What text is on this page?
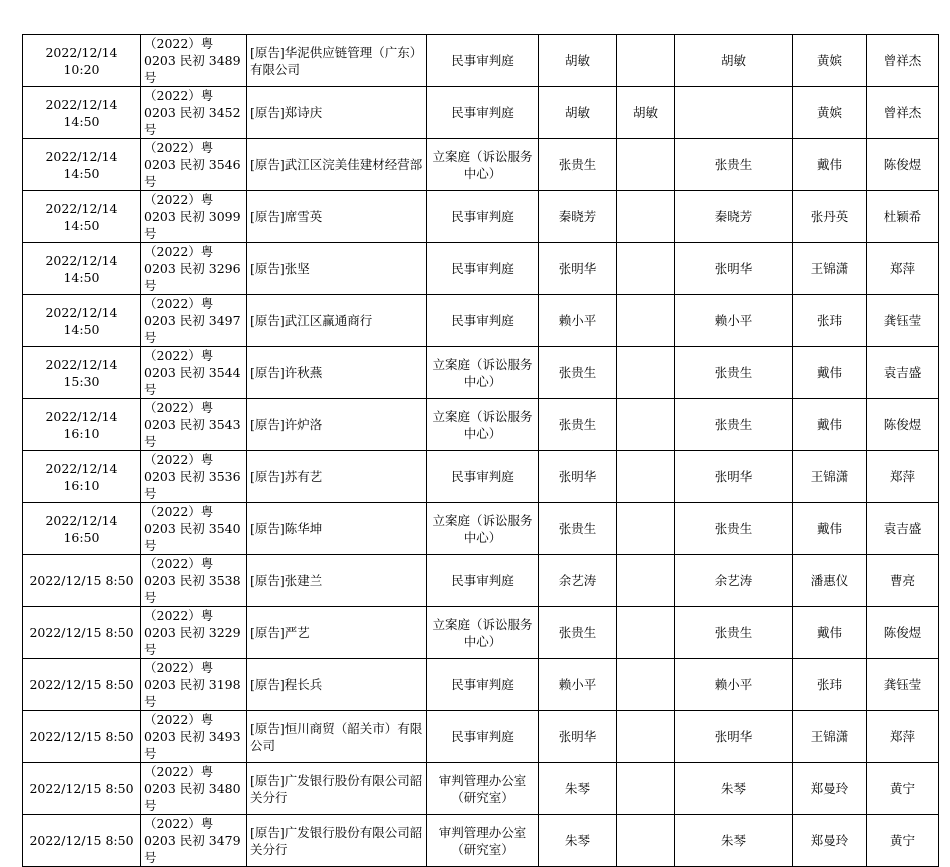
2022/12/14 10:20	（2022）粤 0203 民初 3489 号	[原告]华泥供应链管理（广东）有限公司	民事审判庭	胡敏		胡敏	黄嫔	曾祥杰
2022/12/14 14:50	（2022）粤 0203 民初 3452 号	[原告]郑诗庆	民事审判庭	胡敏	胡敏		黄嫔	曾祥杰
2022/12/14 14:50	（2022）粤 0203 民初 3546 号	[原告]武江区浣美佳建材经营部	立案庭（诉讼服务中心）	张贵生		张贵生	戴伟	陈俊煜
2022/12/14 14:50	（2022）粤 0203 民初 3099 号	[原告]席雪英	民事审判庭	秦晓芳		秦晓芳	张丹英	杜颖希
2022/12/14 14:50	（2022）粤 0203 民初 3296 号	[原告]张坚	民事审判庭	张明华		张明华	王锦潇	郑萍
2022/12/14 14:50	（2022）粤 0203 民初 3497 号	[原告]武江区赢通商行	民事审判庭	赖小平		赖小平	张玮	龚钰莹
2022/12/14 15:30	（2022）粤 0203 民初 3544 号	[原告]许秋燕	立案庭（诉讼服务中心）	张贵生		张贵生	戴伟	袁吉盛
2022/12/14 16:10	（2022）粤 0203 民初 3543 号	[原告]许炉洛	立案庭（诉讼服务中心）	张贵生		张贵生	戴伟	陈俊煜
2022/12/14 16:10	（2022）粤 0203 民初 3536 号	[原告]苏有艺	民事审判庭	张明华		张明华	王锦潇	郑萍
2022/12/14 16:50	（2022）粤 0203 民初 3540 号	[原告]陈华坤	立案庭（诉讼服务中心）	张贵生		张贵生	戴伟	袁吉盛
2022/12/15 8:50	（2022）粤 0203 民初 3538 号	[原告]张建兰	民事审判庭	余艺涛		余艺涛	潘惠仪	曹亮
2022/12/15 8:50	（2022）粤 0203 民初 3229 号	[原告]严艺	立案庭（诉讼服务中心）	张贵生		张贵生	戴伟	陈俊煜
2022/12/15 8:50	（2022）粤 0203 民初 3198 号	[原告]程长兵	民事审判庭	赖小平		赖小平	张玮	龚钰莹
2022/12/15 8:50	（2022）粤 0203 民初 3493 号	[原告]恒川商贸（韶关市）有限公司	民事审判庭	张明华		张明华	王锦潇	郑萍
2022/12/15 8:50	（2022）粤 0203 民初 3480 号	[原告]广发银行股份有限公司韶关分行	审判管理办公室（研究室）	朱琴		朱琴	郑曼玲	黄宁
2022/12/15 8:50	（2022）粤 0203 民初 3479 号	[原告]广发银行股份有限公司韶关分行	审判管理办公室（研究室）	朱琴		朱琴	郑曼玲	黄宁
